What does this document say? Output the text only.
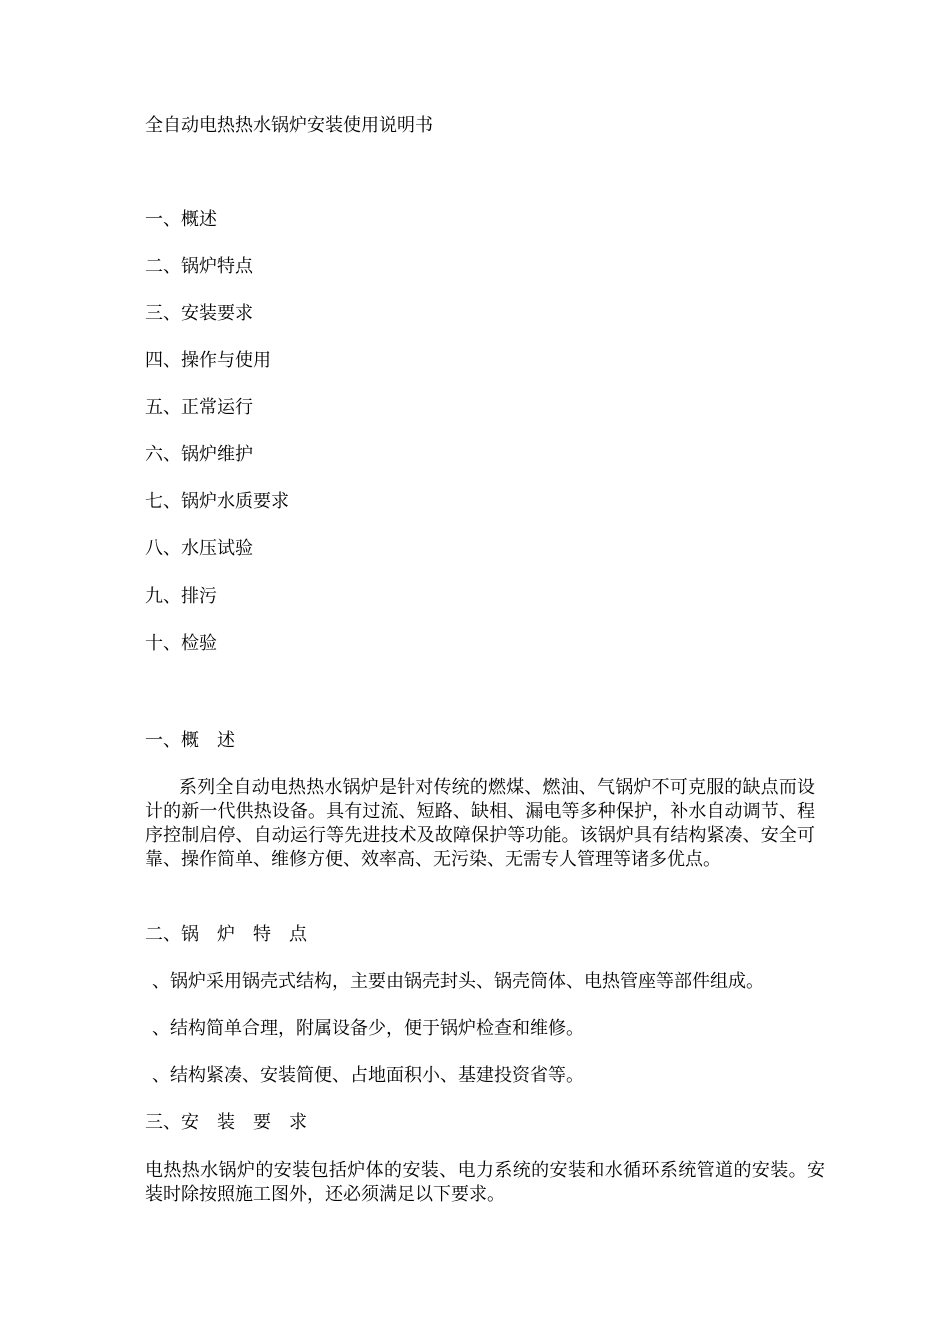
全自动电热热水锅炉安装使用说明书
一、概述
二、锅炉特点
三、安装要求
四、操作与使用
五、正常运行
六、锅炉维护
七、锅炉水质要求
八、水压试验
九、排污
十、检验
一、概　述
系列全自动电热热水锅炉是针对传统的燃煤、燃油、气锅炉不可克服的缺点而设计的新一代供热设备。具有过流、短路、缺相、漏电等多种保护，补水自动调节、程序控制启停、自动运行等先进技术及故障保护等功能。该锅炉具有结构紧凑、安全可靠、操作简单、维修方便、效率高、无污染、无需专人管理等诸多优点。
二、锅　炉　特　点
、锅炉采用锅壳式结构，主要由锅壳封头、锅壳筒体、电热管座等部件组成。
、结构简单合理，附属设备少，便于锅炉检查和维修。
、结构紧凑、安装简便、占地面积小、基建投资省等。
三、安　装　要　求
电热热水锅炉的安装包括炉体的安装、电力系统的安装和水循环系统管道的安装。安装时除按照施工图外，还必须满足以下要求。
